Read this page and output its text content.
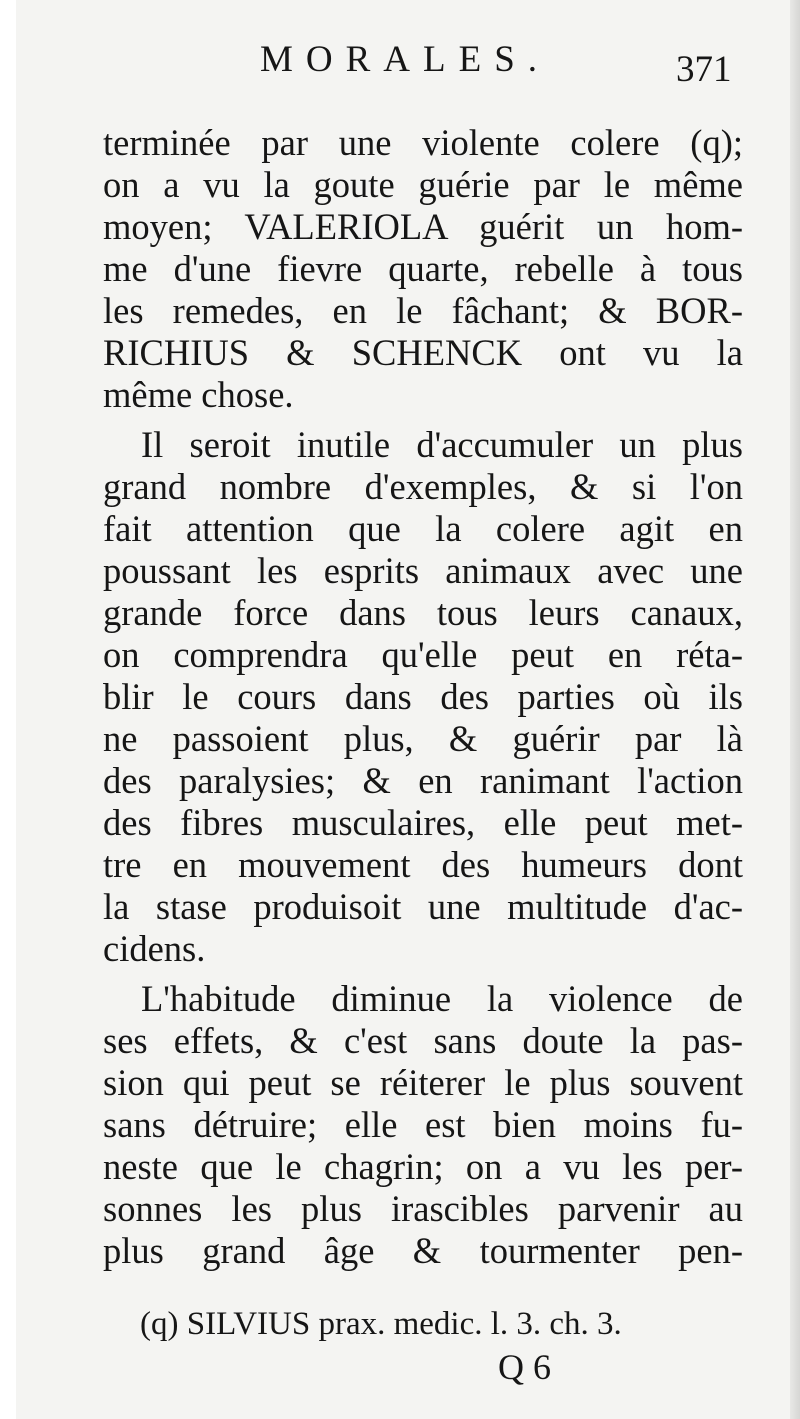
MORALES.	371
terminée par une violente colere (q);
on a vu la goute guérie par le même
moyen; VALERIOLA guérit un hom-
me d'une fievre quarte, rebelle à tous
les remedes, en le fâchant; & BOR-
RICHIUS & SCHENCK ont vu la
même chose.
Il seroit inutile d'accumuler un plus
grand nombre d'exemples, & si l'on
fait attention que la colere agit en
poussant les esprits animaux avec une
grande force dans tous leurs canaux,
on comprendra qu'elle peut en réta-
blir le cours dans des parties où ils
ne passoient plus, & guérir par là
des paralysies; & en ranimant l'action
des fibres musculaires, elle peut met-
tre en mouvement des humeurs dont
la stase produisoit une multitude d'ac-
cidens.
L'habitude diminue la violence de
ses effets, & c'est sans doute la pas-
sion qui peut se réiterer le plus souvent
sans détruire; elle est bien moins fu-
neste que le chagrin; on a vu les per-
sonnes les plus irascibles parvenir au
plus grand âge & tourmenter pen-
(q) SILVIUS prax. medic. l. 3. ch. 3.
Q 6
